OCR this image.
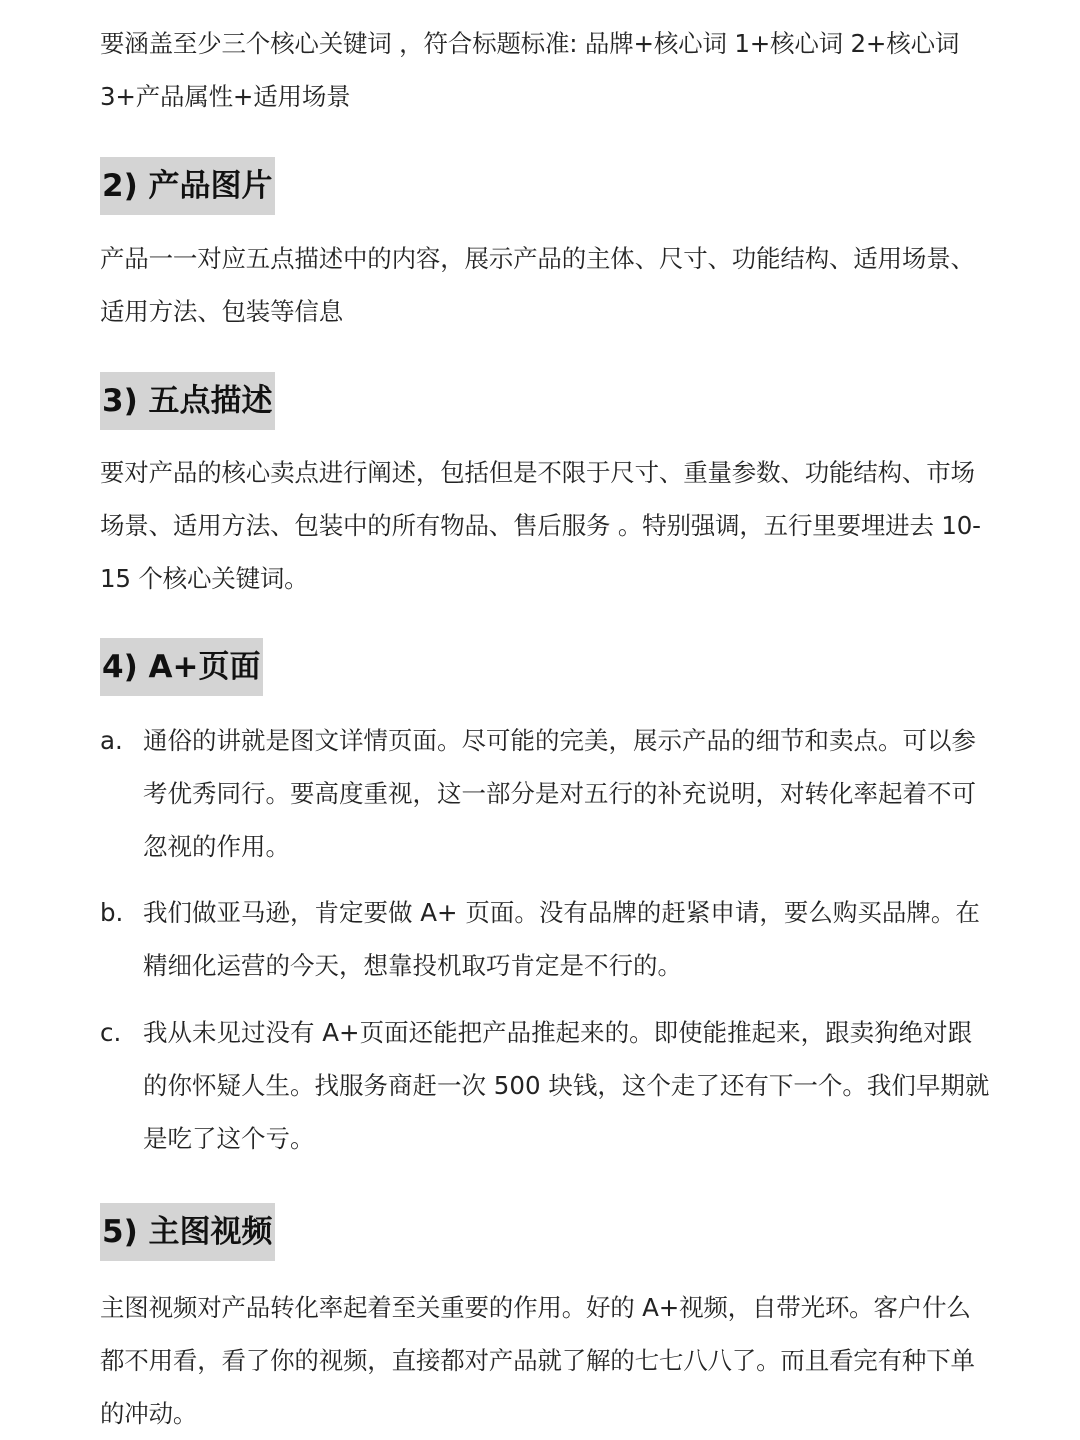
要涵盖至少三个核心关键词 ，符合标题标准: 品牌+核心词 1+核心词 2+核心词 3+产品属性+适用场景

2) 产品图片

产品一一对应五点描述中的内容，展示产品的主体、尺寸、功能结构、适用场景、适用方法、包装等信息

3) 五点描述

要对产品的核心卖点进行阐述，包括但是不限于尺寸、重量参数、功能结构、市场场景、适用方法、包装中的所有物品、售后服务 。特别强调，五行里要埋进去 10-15 个核心关键词。

4) A+页面
a. 通俗的讲就是图文详情页面。尽可能的完美，展示产品的细节和卖点。可以参考优秀同行。要高度重视，这一部分是对五行的补充说明，对转化率起着不可忽视的作用。
b. 我们做亚马逊，肯定要做 A+ 页面。没有品牌的赶紧申请，要么购买品牌。在精细化运营的今天，想靠投机取巧肯定是不行的。
c. 我从未见过没有 A+页面还能把产品推起来的。即使能推起来，跟卖狗绝对跟的你怀疑人生。找服务商赶一次 500 块钱，这个走了还有下一个。我们早期就是吃了这个亏。
5) 主图视频

主图视频对产品转化率起着至关重要的作用。好的 A+视频，自带光环。客户什么都不用看，看了你的视频，直接都对产品就了解的七七八八了。而且看完有种下单的冲动。
